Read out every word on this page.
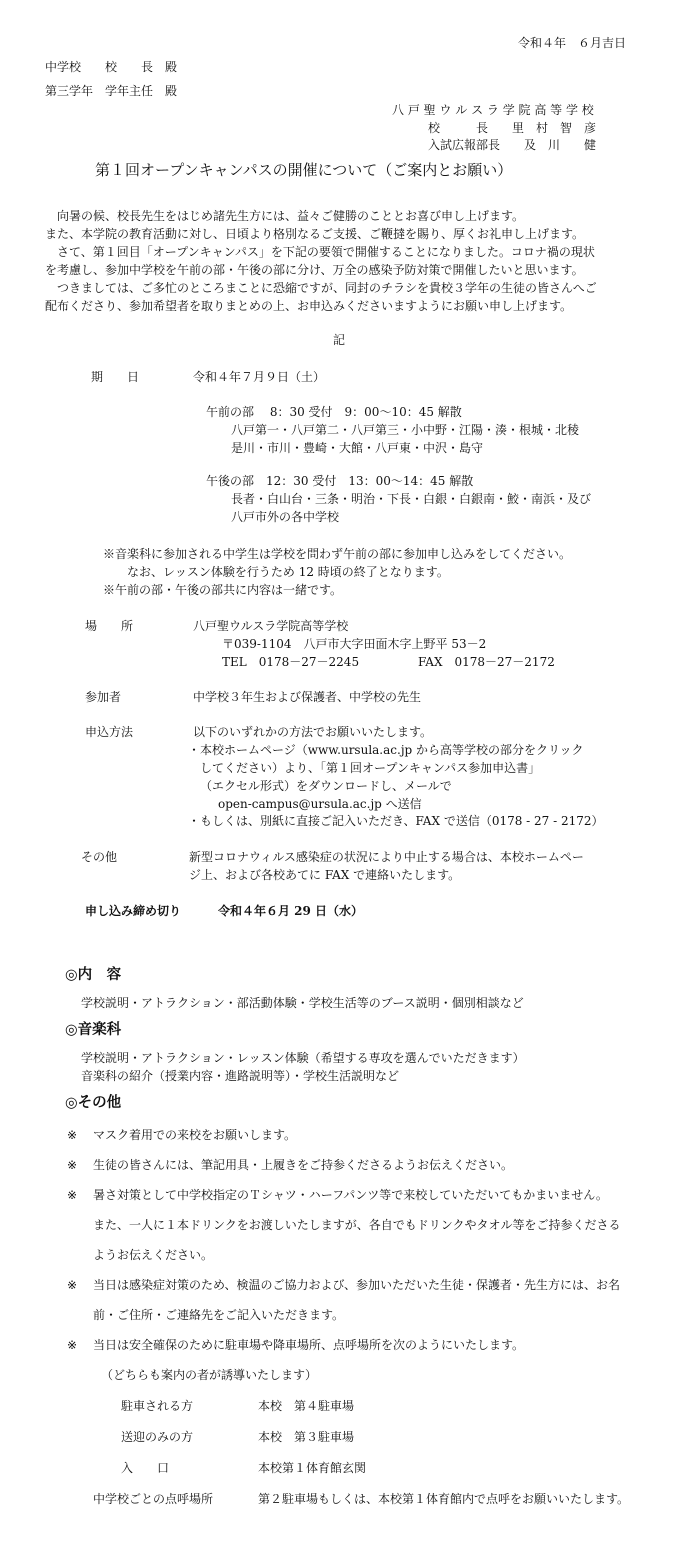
令和４年　６月吉日
中学校　　校　　長　殿
第三学年　学年主任　殿
八 戸 聖 ウ ル ス ラ 学 院 高 等 学 校
校　　　長　　里　村　智　彦
入試広報部長　　及　川　　健
第１回オープンキャンパスの開催について（ご案内とお願い）
　向暑の候、校長先生をはじめ諸先生方には、益々ご健勝のこととお喜び申し上げます。
また、本学院の教育活動に対し、日頃より格別なるご支援、ご鞭撻を賜り、厚くお礼申し上げます。
　さて、第１回目「オープンキャンパス」を下記の要領で開催することになりました。コロナ禍の現状
を考慮し、参加中学校を午前の部・午後の部に分け、万全の感染予防対策で開催したいと思います。
　つきましては、ご多忙のところまことに恐縮ですが、同封のチラシを貴校３学年の生徒の皆さんへご
配布くださり、参加希望者を取りまとめの上、お申込みくださいますようにお願い申し上げます。
記
期　　日	令和４年７月９日（土）
午前の部　 8：30 受付　9：00～10：45 解散
八戸第一・八戸第二・八戸第三・小中野・江陽・湊・根城・北稜
是川・市川・豊崎・大館・八戸東・中沢・島守
午後の部　12：30 受付　13：00～14：45 解散
長者・白山台・三条・明治・下長・白銀・白銀南・鮫・南浜・及び
八戸市外の各中学校
※音楽科に参加される中学生は学校を問わず午前の部に参加申し込みをしてください。
なお、レッスン体験を行うため 12 時頃の終了となります。
※午前の部・午後の部共に内容は一緒です。
場　　所	八戸聖ウルスラ学院高等学校
〒039-1104　八戸市大字田面木字上野平 53－2
TEL　0178－27－2245	FAX　0178－27－2172
参加者	中学校３年生および保護者、中学校の先生
申込方法	以下のいずれかの方法でお願いいたします。
・本校ホームページ（www.ursula.ac.jp から高等学校の部分をクリック
してください）より、「第１回オープンキャンパス参加申込書」
（エクセル形式）をダウンロードし、メールで
open-campus@ursula.ac.jp へ送信
・もしくは、別紙に直接ご記入いただき、FAX で送信（0178 - 27 - 2172）
その他	新型コロナウィルス感染症の状況により中止する場合は、本校ホームペー
ジ上、および各校あてに FAX で連絡いたします。
申し込み締め切り	令和４年６月 29 日（水）
◎内　容
学校説明・アトラクション・部活動体験・学校生活等のブース説明・個別相談など
◎音楽科
学校説明・アトラクション・レッスン体験（希望する専攻を選んでいただきます）
音楽科の紹介（授業内容・進路説明等）・学校生活説明など
◎その他
※ マスク着用での来校をお願いします。
※ 生徒の皆さんには、筆記用具・上履きをご持参くださるようお伝えください。
※ 暑さ対策として中学校指定のＴシャツ・ハーフパンツ等で来校していただいてもかまいません。
また、一人に１本ドリンクをお渡しいたしますが、各自でもドリンクやタオル等をご持参くださる
ようお伝えください。
※ 当日は感染症対策のため、検温のご協力および、参加いただいた生徒・保護者・先生方には、お名
前・ご住所・ご連絡先をご記入いただきます。
※ 当日は安全確保のために駐車場や降車場所、点呼場所を次のようにいたします。
（どちらも案内の者が誘導いたします）
駐車される方	本校　第４駐車場
送迎のみの方	本校　第３駐車場
入　　口	本校第１体育館玄関
中学校ごとの点呼場所	第２駐車場もしくは、本校第１体育館内で点呼をお願いいたします。
